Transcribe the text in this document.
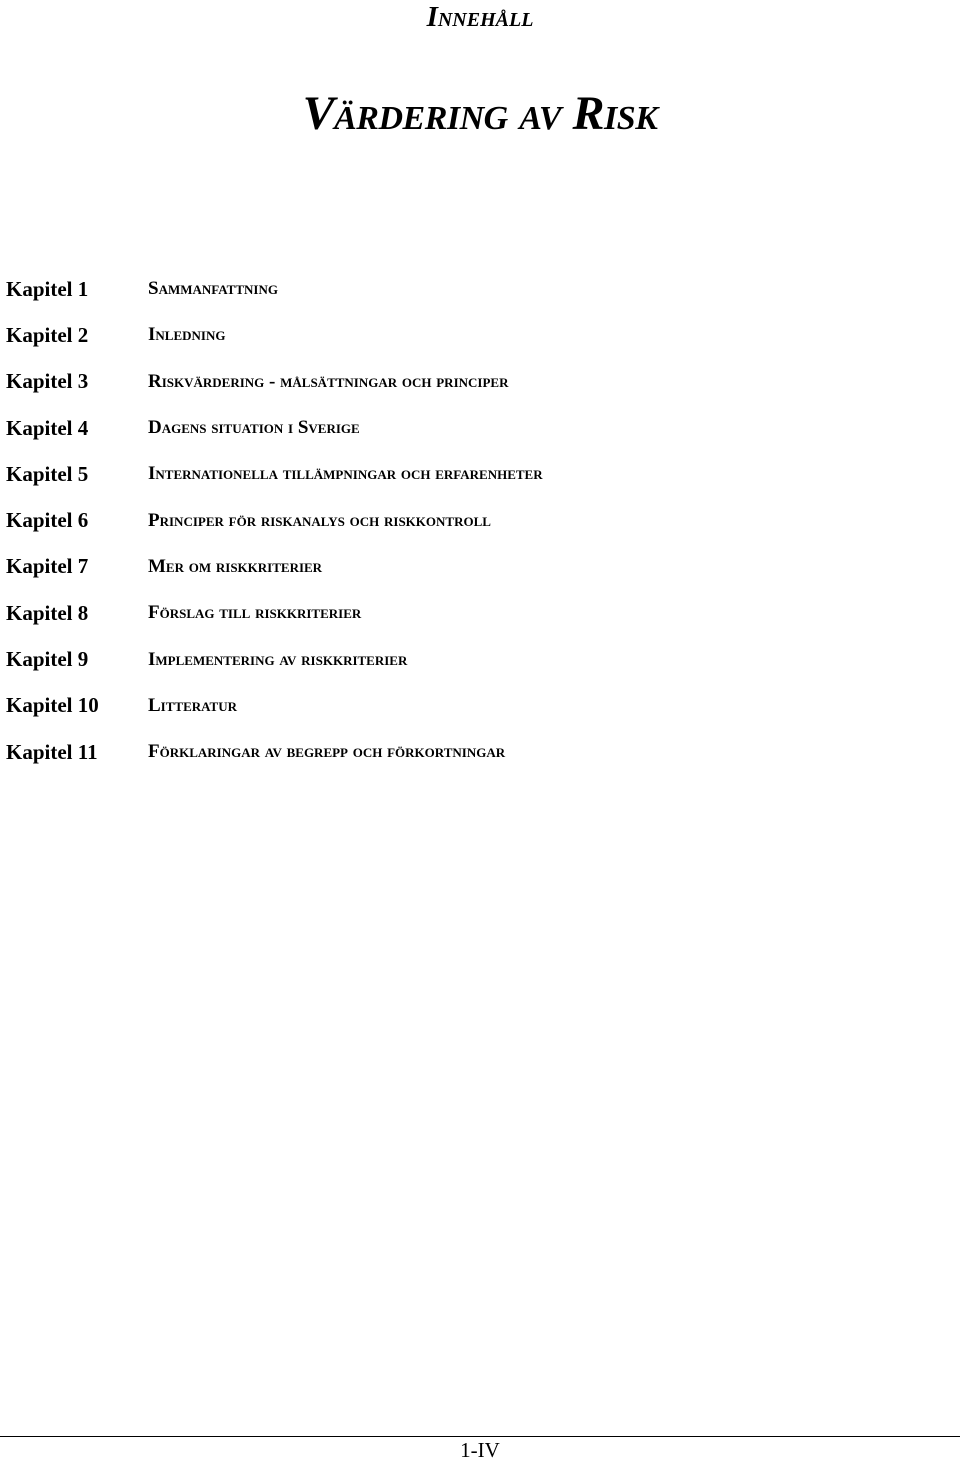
Innehåll
Värdering av Risk
Kapitel 1	Sammanfattning
Kapitel 2	Inledning
Kapitel 3	Riskvärdering - målsättningar och principer
Kapitel 4	Dagens situation i Sverige
Kapitel 5	Internationella tillämpningar och erfarenheter
Kapitel 6	Principer för riskanalys och riskkontroll
Kapitel 7	Mer om riskkriterier
Kapitel 8	Förslag till riskkriterier
Kapitel 9	Implementering av riskkriterier
Kapitel 10	Litteratur
Kapitel 11	Förklaringar av begrepp och förkortningar
1-IV
